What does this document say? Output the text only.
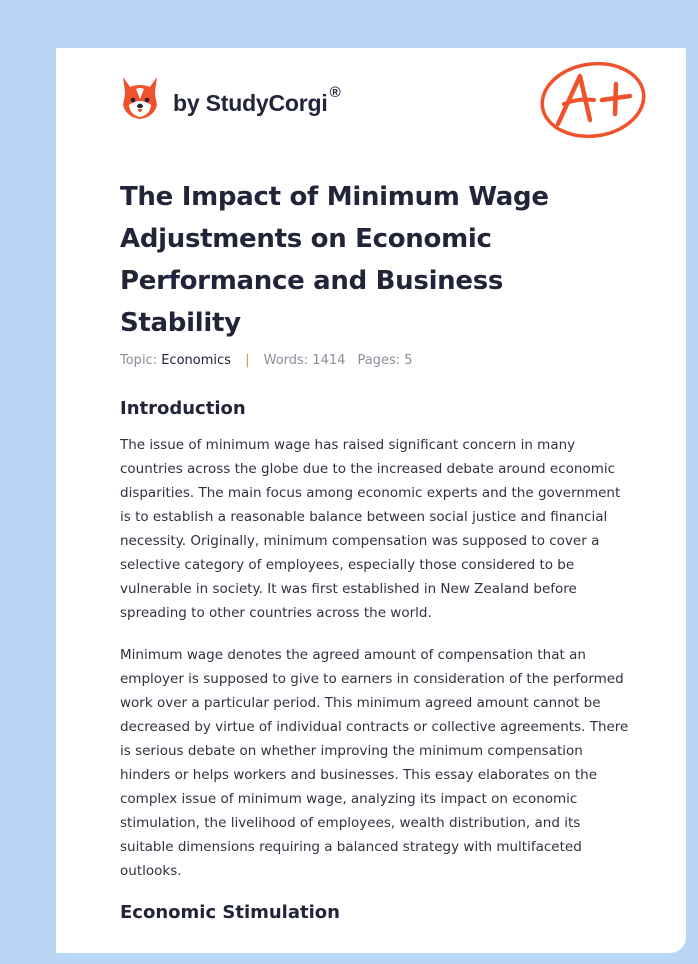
by StudyCorgi ®
The Impact of Minimum Wage Adjustments on Economic Performance and Business Stability
Topic: Economics | Words: 1414 Pages: 5
Introduction

The issue of minimum wage has raised significant concern in many countries across the globe due to the increased debate around economic disparities. The main focus among economic experts and the government is to establish a reasonable balance between social justice and financial necessity. Originally, minimum compensation was supposed to cover a selective category of employees, especially those considered to be vulnerable in society. It was first established in New Zealand before spreading to other countries across the world.

Minimum wage denotes the agreed amount of compensation that an employer is supposed to give to earners in consideration of the performed work over a particular period. This minimum agreed amount cannot be decreased by virtue of individual contracts or collective agreements. There is serious debate on whether improving the minimum compensation hinders or helps workers and businesses. This essay elaborates on the complex issue of minimum wage, analyzing its impact on economic stimulation, the livelihood of employees, wealth distribution, and its suitable dimensions requiring a balanced strategy with multifaceted outlooks.

Economic Stimulation
